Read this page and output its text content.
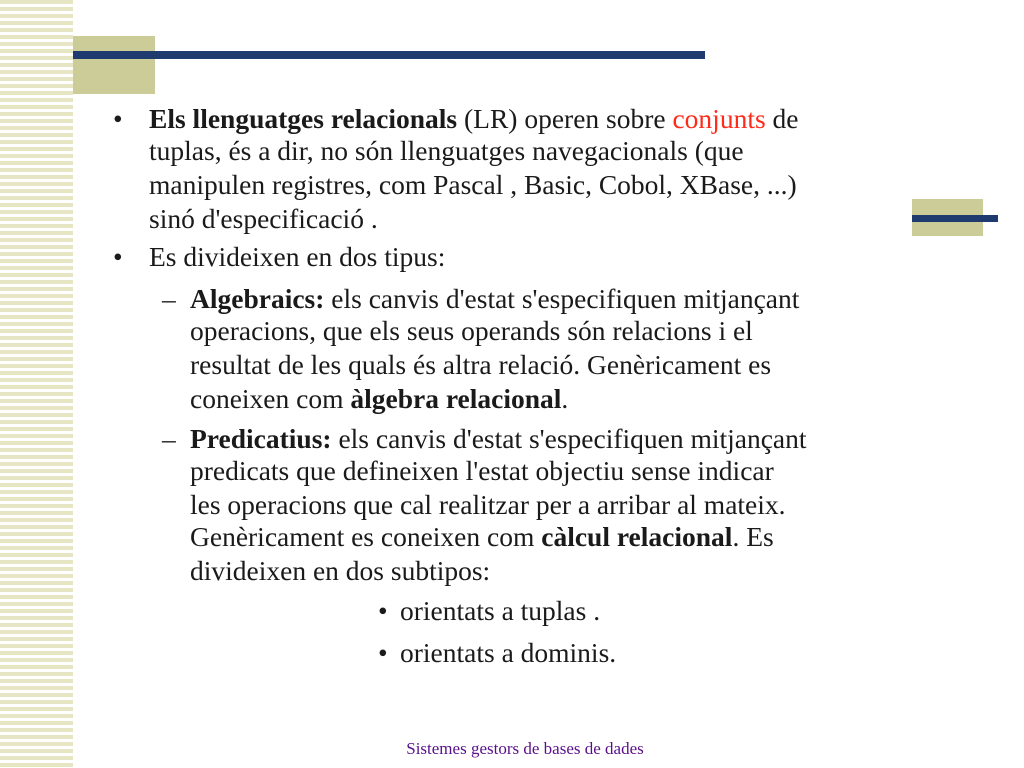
• Els llenguatges relacionals (LR) operen sobre conjunts de
tuplas, és a dir, no són llenguatges navegacionals (que
manipulen registres, com Pascal , Basic, Cobol, XBase, ...)
sinó d'especificació .
• Es divideixen en dos tipus:
– Algebraics: els canvis d'estat s'especifiquen mitjançant
operacions, que els seus operands són relacions i el
resultat de les quals és altra relació. Genèricament es
coneixen com àlgebra relacional.
– Predicatius: els canvis d'estat s'especifiquen mitjançant
predicats que defineixen l'estat objectiu sense indicar
les operacions que cal realitzar per a arribar al mateix.
Genèricament es coneixen com càlcul relacional. Es
divideixen en dos subtipos:
• orientats a tuplas .
• orientats a dominis.
Sistemes gestors de bases de dades
